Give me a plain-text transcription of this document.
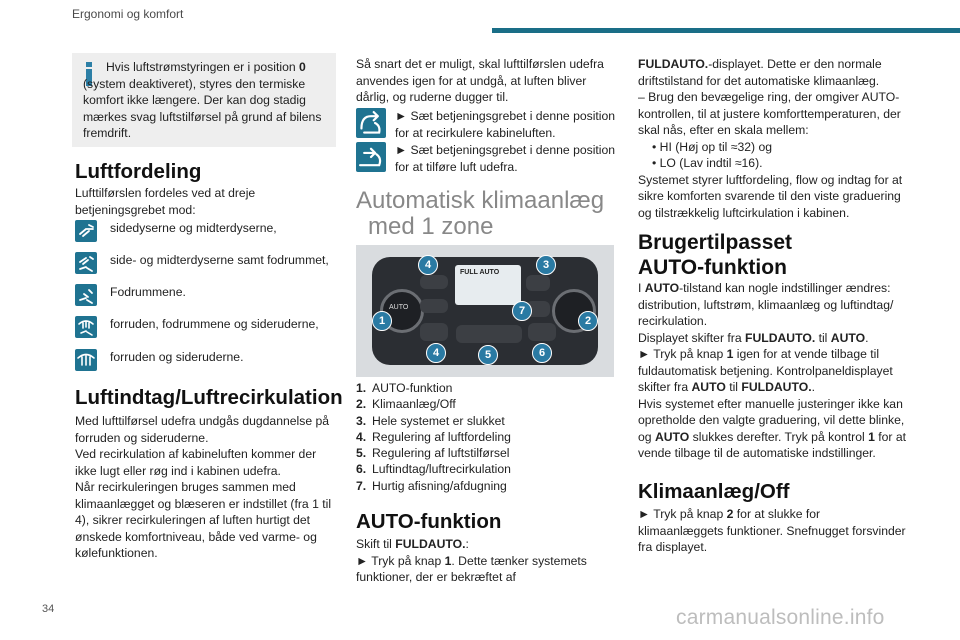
Ergonomi og komfort
Hvis luftstrømstyringen er i position 0 (system deaktiveret), styres den termiske komfort ikke længere. Der kan dog stadig mærkes svag luftstilførsel på grund af bilens fremdrift.
Luftfordeling
Lufttilførslen fordeles ved at dreje betjeningsgrebet mod:
sidedyserne og midterdyserne,
side- og midterdyserne samt fodrummet,
Fodrummene.
forruden, fodrummene og sideruderne,
forruden og sideruderne.
Luftindtag/Luftrecirkulation

Med lufttilførsel udefra undgås dugdannelse på forruden og sideruderne.

Ved recirkulation af kabineluften kommer der ikke lugt eller røg ind i kabinen udefra.

Når recirkuleringen bruges sammen med klimaanlægget og blæseren er indstillet (fra 1 til 4), sikrer recirkuleringen af luften hurtigt det ønskede komfortniveau, både ved varme- og kølefunktionen.

Så snart det er muligt, skal lufttilførslen udefra anvendes igen for at undgå, at luften bliver dårlig, og ruderne dugger til.
► Sæt betjeningsgrebet i denne position for at recirkulere kabineluften.
► Sæt betjeningsgrebet i denne position for at tilføre luft udefra.
Automatisk klimaanlæg
med 1 zone
AUTO
FULL AUTO
1	2
3
4
4	5	6
7
1. AUTO-funktion
2. Klimaanlæg/Off
3. Hele systemet er slukket
4. Regulering af luftfordeling
5. Regulering af luftstilførsel
6. Luftindtag/luftrecirkulation
7. Hurtig afisning/afdugning
AUTO-funktion

Skift til FULDAUTO.:

► Tryk på knap 1. Dette tænker systemets funktioner, der er bekræftet af

FULDAUTO.-displayet. Dette er den normale driftstilstand for det automatiske klimaanlæg.

– Brug den bevægelige ring, der omgiver AUTO-kontrollen, til at justere komforttemperaturen, der skal nås, efter en skala mellem:

• HI (Høj op til ≈32) og

• LO (Lav indtil ≈16).

Systemet styrer luftfordeling, flow og indtag for at sikre komforten svarende til den viste graduering og tilstrækkelig luftcirkulation i kabinen.

Brugertilpasset
AUTO-funktion

I AUTO-tilstand kan nogle indstillinger ændres: distribution, luftstrøm, klimaanlæg og luftindtag/ recirkulation.

Displayet skifter fra FULDAUTO. til AUTO.

► Tryk på knap 1 igen for at vende tilbage til fuldautomatisk betjening. Kontrolpaneldisplayet skifter fra AUTO til FULDAUTO..

Hvis systemet efter manuelle justeringer ikke kan opretholde den valgte graduering, vil dette blinke, og AUTO slukkes derefter. Tryk på kontrol 1 for at vende tilbage til de automatiske indstillinger.

Klimaanlæg/Off

► Tryk på knap 2 for at slukke for klimaanlæggets funktioner. Snefnugget forsvinder fra displayet.

34	carmanualsonline.info
